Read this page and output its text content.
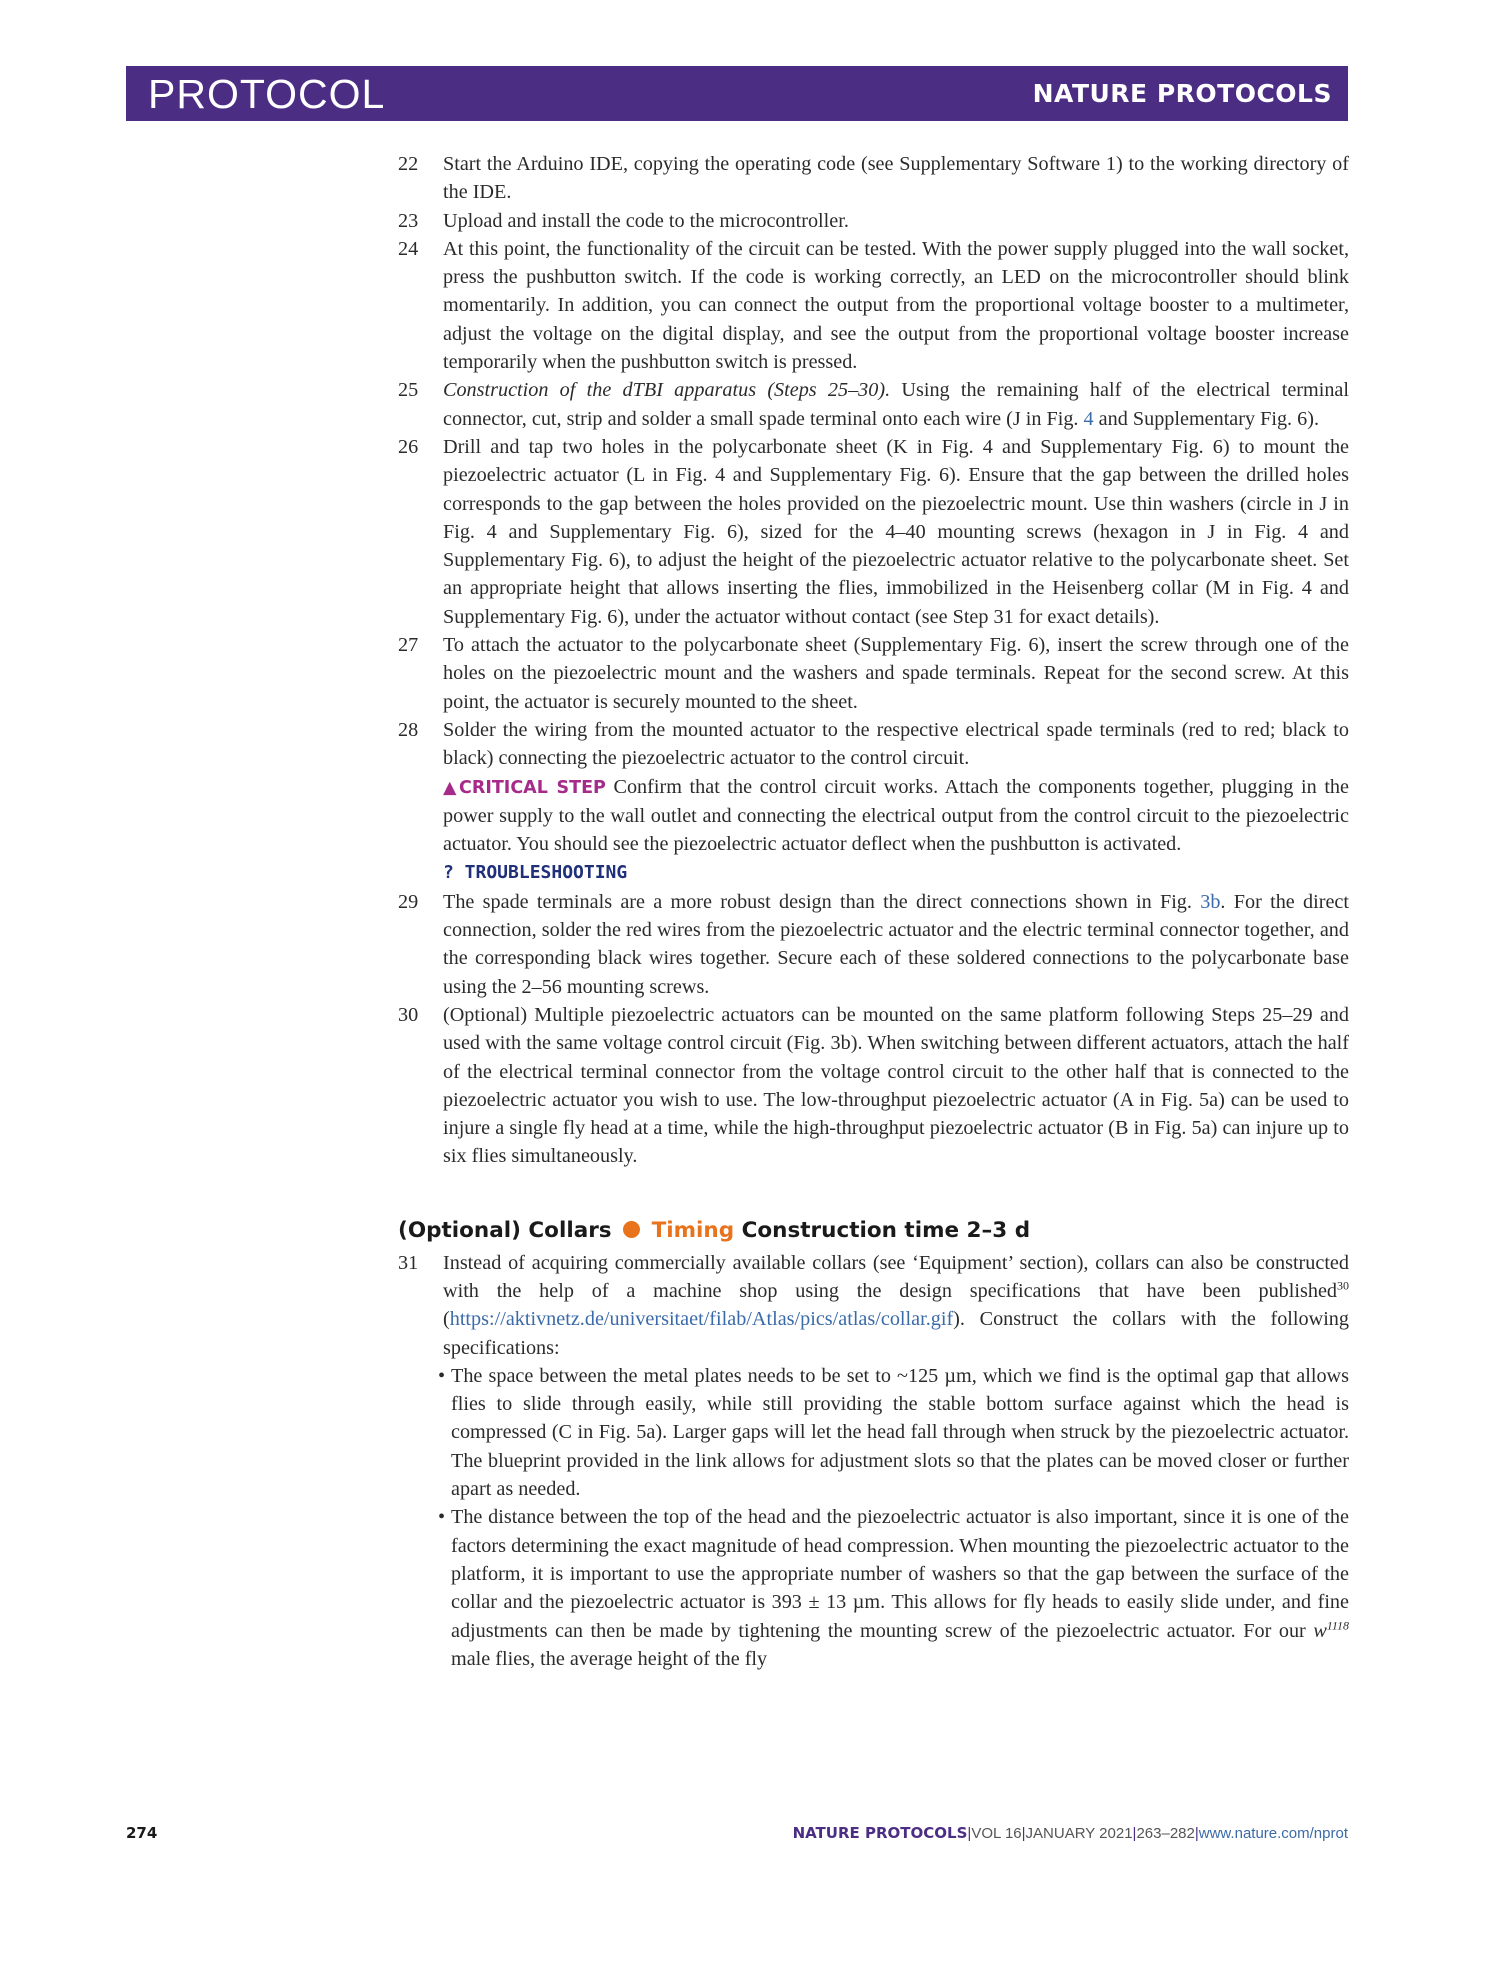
PROTOCOL	NATURE PROTOCOLS
22 Start the Arduino IDE, copying the operating code (see Supplementary Software 1) to the working directory of the IDE.
23 Upload and install the code to the microcontroller.
24 At this point, the functionality of the circuit can be tested. With the power supply plugged into the wall socket, press the pushbutton switch. If the code is working correctly, an LED on the microcontroller should blink momentarily. In addition, you can connect the output from the proportional voltage booster to a multimeter, adjust the voltage on the digital display, and see the output from the proportional voltage booster increase temporarily when the pushbutton switch is pressed.
25 Construction of the dTBI apparatus (Steps 25–30). Using the remaining half of the electrical terminal connector, cut, strip and solder a small spade terminal onto each wire (J in Fig. 4 and Supplementary Fig. 6).
26 Drill and tap two holes in the polycarbonate sheet (K in Fig. 4 and Supplementary Fig. 6) to mount the piezoelectric actuator (L in Fig. 4 and Supplementary Fig. 6). Ensure that the gap between the drilled holes corresponds to the gap between the holes provided on the piezoelectric mount. Use thin washers (circle in J in Fig. 4 and Supplementary Fig. 6), sized for the 4–40 mounting screws (hexagon in J in Fig. 4 and Supplementary Fig. 6), to adjust the height of the piezoelectric actuator relative to the polycarbonate sheet. Set an appropriate height that allows inserting the flies, immobilized in the Heisenberg collar (M in Fig. 4 and Supplementary Fig. 6), under the actuator without contact (see Step 31 for exact details).
27 To attach the actuator to the polycarbonate sheet (Supplementary Fig. 6), insert the screw through one of the holes on the piezoelectric mount and the washers and spade terminals. Repeat for the second screw. At this point, the actuator is securely mounted to the sheet.
28 Solder the wiring from the mounted actuator to the respective electrical spade terminals (red to red; black to black) connecting the piezoelectric actuator to the control circuit.
▲CRITICAL STEP Confirm that the control circuit works. Attach the components together, plugging in the power supply to the wall outlet and connecting the electrical output from the control circuit to the piezoelectric actuator. You should see the piezoelectric actuator deflect when the pushbutton is activated.
? TROUBLESHOOTING
29 The spade terminals are a more robust design than the direct connections shown in Fig. 3b. For the direct connection, solder the red wires from the piezoelectric actuator and the electric terminal connector together, and the corresponding black wires together. Secure each of these soldered connections to the polycarbonate base using the 2–56 mounting screws.
30 (Optional) Multiple piezoelectric actuators can be mounted on the same platform following Steps 25–29 and used with the same voltage control circuit (Fig. 3b). When switching between different actuators, attach the half of the electrical terminal connector from the voltage control circuit to the other half that is connected to the piezoelectric actuator you wish to use. The low-throughput piezoelectric actuator (A in Fig. 5a) can be used to injure a single fly head at a time, while the high-throughput piezoelectric actuator (B in Fig. 5a) can injure up to six flies simultaneously.
(Optional) Collars Timing Construction time 2–3 d
31 Instead of acquiring commercially available collars (see ‘Equipment’ section), collars can also be constructed with the help of a machine shop using the design specifications that have been published$^{30}$ (https://aktivnetz.de/universitaet/filab/Atlas/pics/atlas/collar.gif). Construct the collars with the following specifications:
• The space between the metal plates needs to be set to ~125 µm, which we find is the optimal gap that allows flies to slide through easily, while still providing the stable bottom surface against which the head is compressed (C in Fig. 5a). Larger gaps will let the head fall through when struck by the piezoelectric actuator. The blueprint provided in the link allows for adjustment slots so that the plates can be moved closer or further apart as needed.
• The distance between the top of the head and the piezoelectric actuator is also important, since it is one of the factors determining the exact magnitude of head compression. When mounting the piezoelectric actuator to the platform, it is important to use the appropriate number of washers so that the gap between the surface of the collar and the piezoelectric actuator is 393 ± 13 µm. This allows for fly heads to easily slide under, and fine adjustments can then be made by tightening the mounting screw of the piezoelectric actuator. For our $w^{1118}$ male flies, the average height of the fly
274	NATURE PROTOCOLS|VOL 16|JANUARY 2021|263–282|www.nature.com/nprot
